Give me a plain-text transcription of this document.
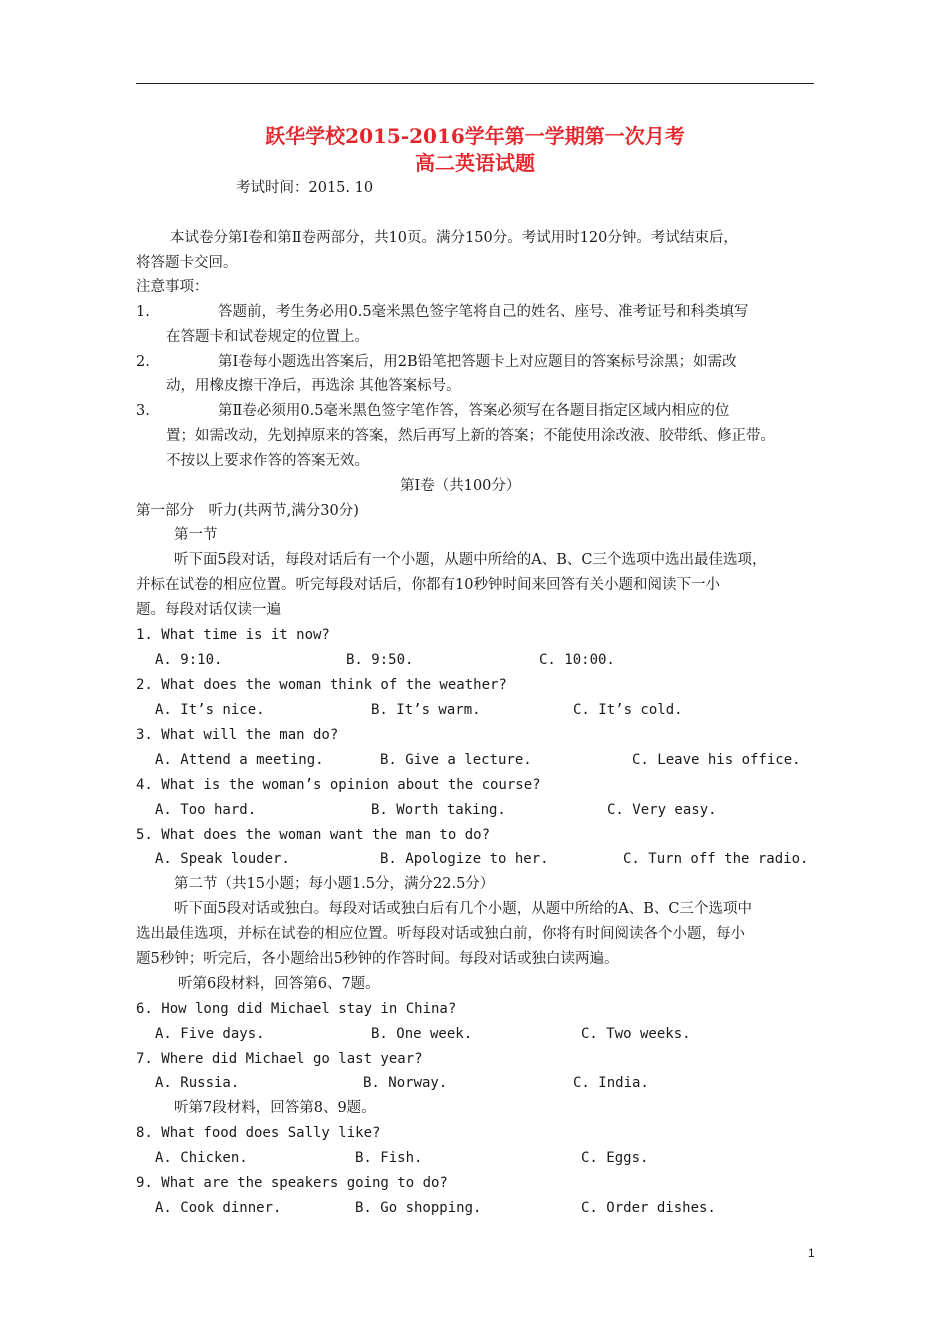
跃华学校2015-2016学年第一学期第一次月考
高二英语试题
考试时间：2015. 10
本试卷分第Ⅰ卷和第Ⅱ卷两部分，共10页。满分150分。考试用时120分钟。考试结束后，
将答题卡交回。
注意事项：
1.	答题前，考生务必用0.5毫米黑色签字笔将自己的姓名、座号、准考证号和科类填写
在答题卡和试卷规定的位置上。
2.	第Ⅰ卷每小题选出答案后，用2B铅笔把答题卡上对应题目的答案标号涂黑；如需改
动，用橡皮擦干净后，再选涂 其他答案标号。
3.	第Ⅱ卷必须用0.5毫米黑色签字笔作答，答案必须写在各题目指定区域内相应的位
置；如需改动，先划掉原来的答案，然后再写上新的答案；不能使用涂改液、胶带纸、修正带。
不按以上要求作答的答案无效。
第Ⅰ卷（共100分）
第一部分　听力(共两节,满分30分)
第一节
听下面5段对话，每段对话后有一个小题，从题中所给的A、B、C三个选项中选出最佳选项，
并标在试卷的相应位置。听完每段对话后，你都有10秒钟时间来回答有关小题和阅读下一小
题。每段对话仅读一遍
1. What time is it now?
A. 9:10.	B. 9:50.	C. 10:00.
2. What does the woman think of the weather?
A. It’s nice.	B. It’s warm.	C. It’s cold.
3. What will the man do?
A. Attend a meeting.	B. Give a lecture.	C. Leave his office.
4. What is the woman’s opinion about the course?
A. Too hard.	B. Worth taking.	C. Very easy.
5. What does the woman want the man to do?
A. Speak louder.	B. Apologize to her.	C. Turn off the radio.
第二节（共15小题；每小题1.5分，满分22.5分）
听下面5段对话或独白。每段对话或独白后有几个小题，从题中所给的A、B、C三个选项中
选出最佳选项，并标在试卷的相应位置。听每段对话或独白前，你将有时间阅读各个小题，每小
题5秒钟；听完后，各小题给出5秒钟的作答时间。每段对话或独白读两遍。
听第6段材料，回答第6、7题。
6. How long did Michael stay in China?
A. Five days.	B. One week.	C. Two weeks.
7. Where did Michael go last year?
A. Russia.	B. Norway.	C. India.
听第7段材料，回答第8、9题。
8. What food does Sally like?
A. Chicken.	B. Fish.	C. Eggs.
9. What are the speakers going to do?
A. Cook dinner.	B. Go shopping.	C. Order dishes.
1
